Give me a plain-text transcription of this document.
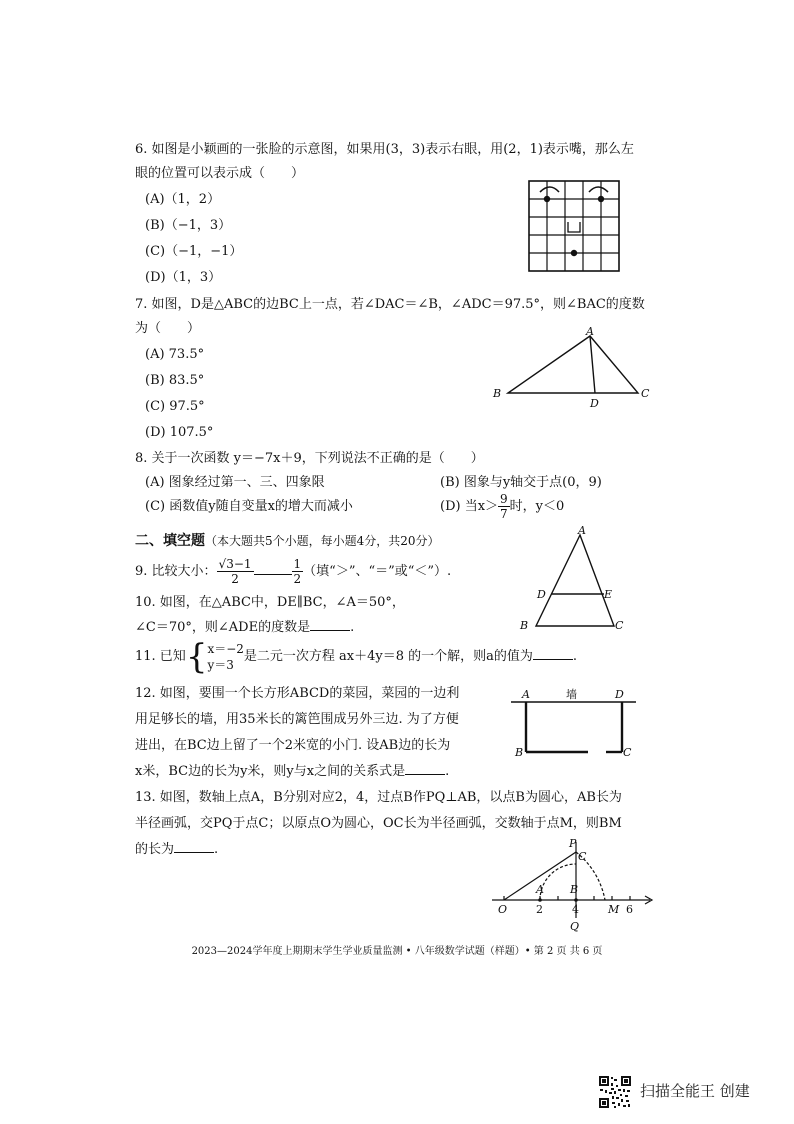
6. 如图是小颖画的一张脸的示意图，如果用(3，3)表示右眼，用(2，1)表示嘴，那么左
眼的位置可以表示成（　　）
(A)（1，2）
(B)（−1，3）
(C)（−1，−1）
(D)（1，3）
7. 如图，D是△ABC的边BC上一点，若∠DAC＝∠B，∠ADC＝97.5°，则∠BAC的度数
为（　　）
(A) 73.5°
(B) 83.5°
(C) 97.5°
(D) 107.5°
A
B	C
D
8. 关于一次函数 y＝−7x＋9，下列说法不正确的是（　　）
(A) 图象经过第一、三、四象限	(B) 图象与y轴交于点(0，9)
(C) 函数值y随自变量x的增大而减小	(D) 当$x> \frac{9}{7}$ 时，y＜0
二、填空题（本大题共5个小题，每小题4分，共20分）
9. 比较大小： $\frac{√3-1}{2}$	$\frac{1}{2}$ （填“＞”、“＝”或“＜”）.
10. 如图，在△ABC中，DE∥BC，∠A＝50°，
∠C＝70°，则∠ADE的度数是	.
A
B	C
D	E
11. 已知{ x＝−2
y＝3
是二元一次方程 ax＋4y＝8 的一个解，则a的值为	.
12. 如图，要围一个长方形ABCD的菜园，菜园的一边利
用足够长的墙，用35米长的篱笆围成另外三边. 为了方便
进出，在BC边上留了一个2米宽的小门. 设AB边的长为
x米，BC边的长为y米，则y与x之间的关系式是	.
A	墙	D
B	C
13. 如图，数轴上点A，B分别对应2，4，过点B作PQ⊥AB，以点B为圆心，AB长为
半径画弧，交PQ于点C；以原点O为圆心，OC长为半径画弧，交数轴于点M，则BM
的长为	.
O
A B
C
P
Q
M
2	4	6
2023—2024学年度上期期末学生学业质量监测 • 八年级数学试题（样题）• 第 2 页 共 6 页
扫描全能王 创建
